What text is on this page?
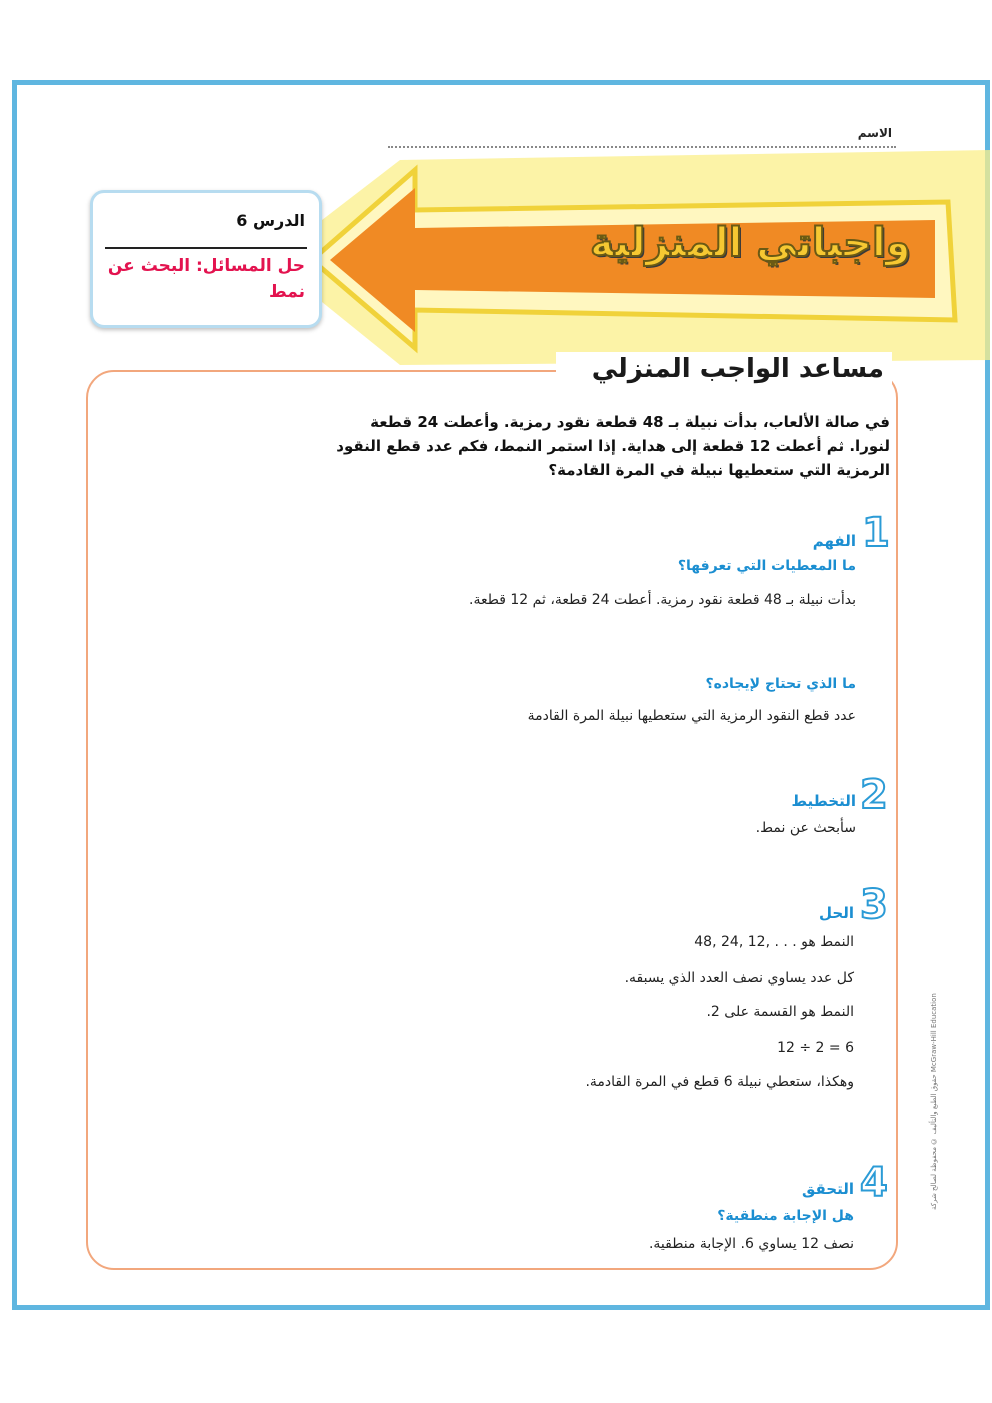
الاسم
واجباتي المنزلية
الدرس 6
حل المسائل: البحث عن نمط
مساعد الواجب المنزلي
في صالة الألعاب، بدأت نبيلة بـ 48 قطعة نقود رمزية. وأعطت 24 قطعة لنورا. ثم أعطت 12 قطعة إلى هداية. إذا استمر النمط، فكم عدد قطع النقود الرمزية التي ستعطيها نبيلة في المرة القادمة؟
1
الفهم
ما المعطيات التي تعرفها؟
بدأت نبيلة بـ 48 قطعة نقود رمزية. أعطت 24 قطعة، ثم 12 قطعة.
ما الذي تحتاج لإيجاده؟
عدد قطع النقود الرمزية التي ستعطيها نبيلة المرة القادمة
2
التخطيط
سأبحث عن نمط.
3
الحل
النمط هو . . . ,12 ,24 ,48
كل عدد يساوي نصف العدد الذي يسبقه.
النمط هو القسمة على 2.
12 ÷ 2 = 6
وهكذا، ستعطي نبيلة 6 قطع في المرة القادمة.
4
التحقق
هل الإجابة منطقية؟
نصف 12 يساوي 6. الإجابة منطقية.
حقوق الطبع والتأليف © محفوظة لصالح شركة McGraw-Hill Education
